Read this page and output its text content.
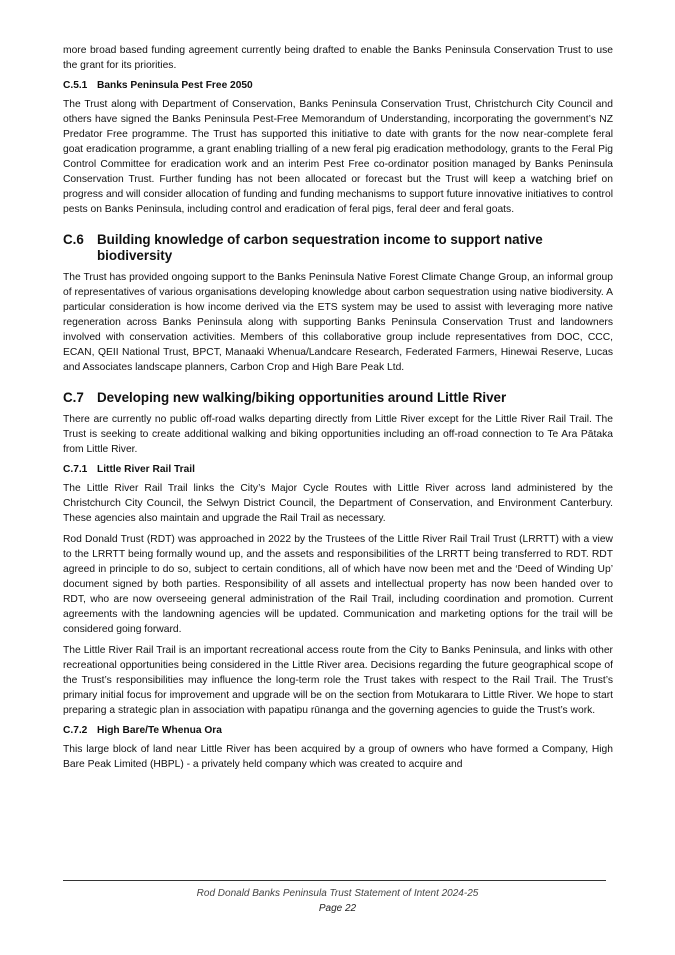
more broad based funding agreement currently being drafted to enable the Banks Peninsula Conservation Trust to use the grant for its priorities.

C.5.1 Banks Peninsula Pest Free 2050

The Trust along with Department of Conservation, Banks Peninsula Conservation Trust, Christchurch City Council and others have signed the Banks Peninsula Pest-Free Memorandum of Understanding, incorporating the government’s NZ Predator Free programme. The Trust has supported this initiative to date with grants for the now near-complete feral goat eradication programme, a grant enabling trialling of a new feral pig eradication methodology, grants to the Feral Pig Control Committee for eradication work and an interim Pest Free co-ordinator position managed by Banks Peninsula Conservation Trust. Further funding has not been allocated or forecast but the Trust will keep a watching brief on progress and will consider allocation of funding and funding mechanisms to support future innovative initiatives to control pests on Banks Peninsula, including control and eradication of feral pigs, feral deer and feral goats.

C.6 Building knowledge of carbon sequestration income to support native biodiversity

The Trust has provided ongoing support to the Banks Peninsula Native Forest Climate Change Group, an informal group of representatives of various organisations developing knowledge about carbon sequestration using native biodiversity. A particular consideration is how income derived via the ETS system may be used to assist with leveraging more native regeneration across Banks Peninsula along with supporting Banks Peninsula Conservation Trust and landowners involved with conservation activities. Members of this collaborative group include representatives from DOC, CCC, ECAN, QEII National Trust, BPCT, Manaaki Whenua/Landcare Research, Federated Farmers, Hinewai Reserve, Lucas and Associates landscape planners, Carbon Crop and High Bare Peak Ltd.

C.7 Developing new walking/biking opportunities around Little River

There are currently no public off-road walks departing directly from Little River except for the Little River Rail Trail. The Trust is seeking to create additional walking and biking opportunities including an off-road connection to Te Ara Pātaka from Little River.

C.7.1 Little River Rail Trail

The Little River Rail Trail links the City’s Major Cycle Routes with Little River across land administered by the Christchurch City Council, the Selwyn District Council, the Department of Conservation, and Environment Canterbury. These agencies also maintain and upgrade the Rail Trail as necessary.

Rod Donald Trust (RDT) was approached in 2022 by the Trustees of the Little River Rail Trail Trust (LRRTT) with a view to the LRRTT being formally wound up, and the assets and responsibilities of the LRRTT being transferred to RDT. RDT agreed in principle to do so, subject to certain conditions, all of which have now been met and the ‘Deed of Winding Up’ document signed by both parties. Responsibility of all assets and intellectual property has now been handed over to RDT, who are now overseeing general administration of the Rail Trail, including coordination and promotion. Current agreements with the landowning agencies will be updated. Communication and marketing options for the trail will be considered going forward.

The Little River Rail Trail is an important recreational access route from the City to Banks Peninsula, and links with other recreational opportunities being considered in the Little River area. Decisions regarding the future geographical scope of the Trust’s responsibilities may influence the long-term role the Trust takes with respect to the Rail Trail. The Trust’s primary initial focus for improvement and upgrade will be on the section from Motukarara to Little River. We hope to start preparing a strategic plan in association with papatipu rūnanga and the governing agencies to guide the Trust’s work.

C.7.2 High Bare/Te Whenua Ora

This large block of land near Little River has been acquired by a group of owners who have formed a Company, High Bare Peak Limited (HBPL) - a privately held company which was created to acquire and

Rod Donald Banks Peninsula Trust Statement of Intent 2024-25
Page 22
